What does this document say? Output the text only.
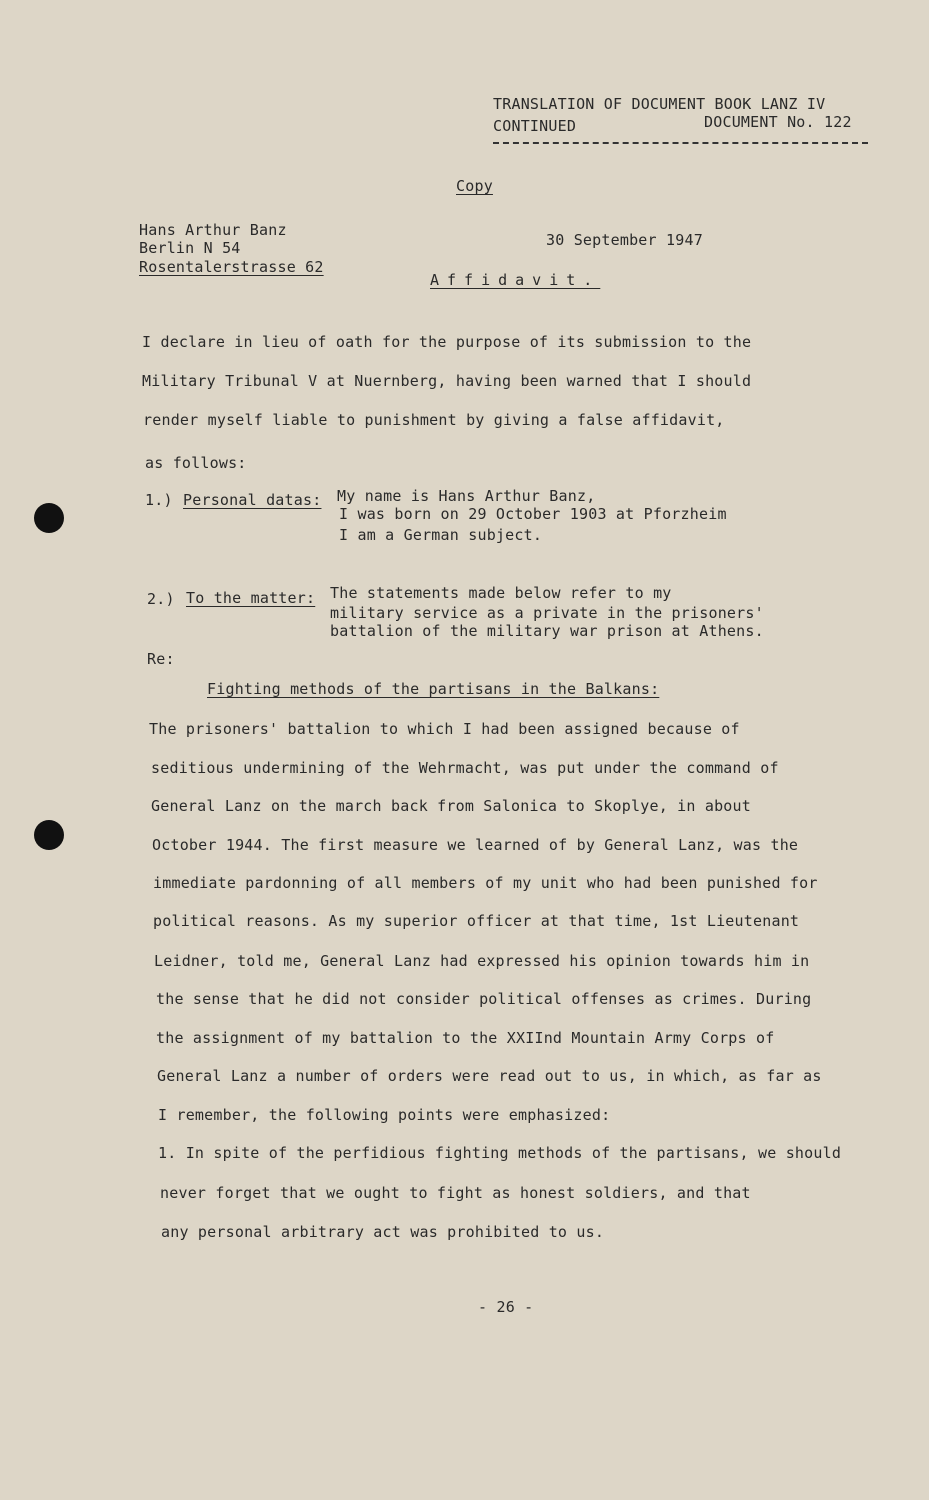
TRANSLATION OF DOCUMENT BOOK LANZ IV
CONTINUED	DOCUMENT No. 122
Copy
Hans Arthur Banz
Berlin N 54
Rosentalerstrasse 62
30 September 1947
Affidavit.
I declare in lieu of oath for the purpose of its submission to the
Military Tribunal V at Nuernberg, having been warned that I should
render myself liable to punishment by giving a false affidavit,
as follows:
1.) Personal datas: My name is Hans Arthur Banz,
I was born on 29 October 1903 at Pforzheim
I am a German subject.
2.) To the matter: The statements made below refer to my
military service as a private in the prisoners'
battalion of the military war prison at Athens.
Re:
Fighting methods of the partisans in the Balkans:
The prisoners' battalion to which I had been assigned because of
seditious undermining of the Wehrmacht, was put under the command of
General Lanz on the march back from Salonica to Skoplye, in about
October 1944. The first measure we learned of by General Lanz, was the
immediate pardonning of all members of my unit who had been punished for
political reasons. As my superior officer at that time, 1st Lieutenant
Leidner, told me, General Lanz had expressed his opinion towards him in
the sense that he did not consider political offenses as crimes. During
the assignment of my battalion to the XXIInd Mountain Army Corps of
General Lanz a number of orders were read out to us, in which, as far as
I remember, the following points were emphasized:
1. In spite of the perfidious fighting methods of the partisans, we should
never forget that we ought to fight as honest soldiers, and that
any personal arbitrary act was prohibited to us.
- 26 -
